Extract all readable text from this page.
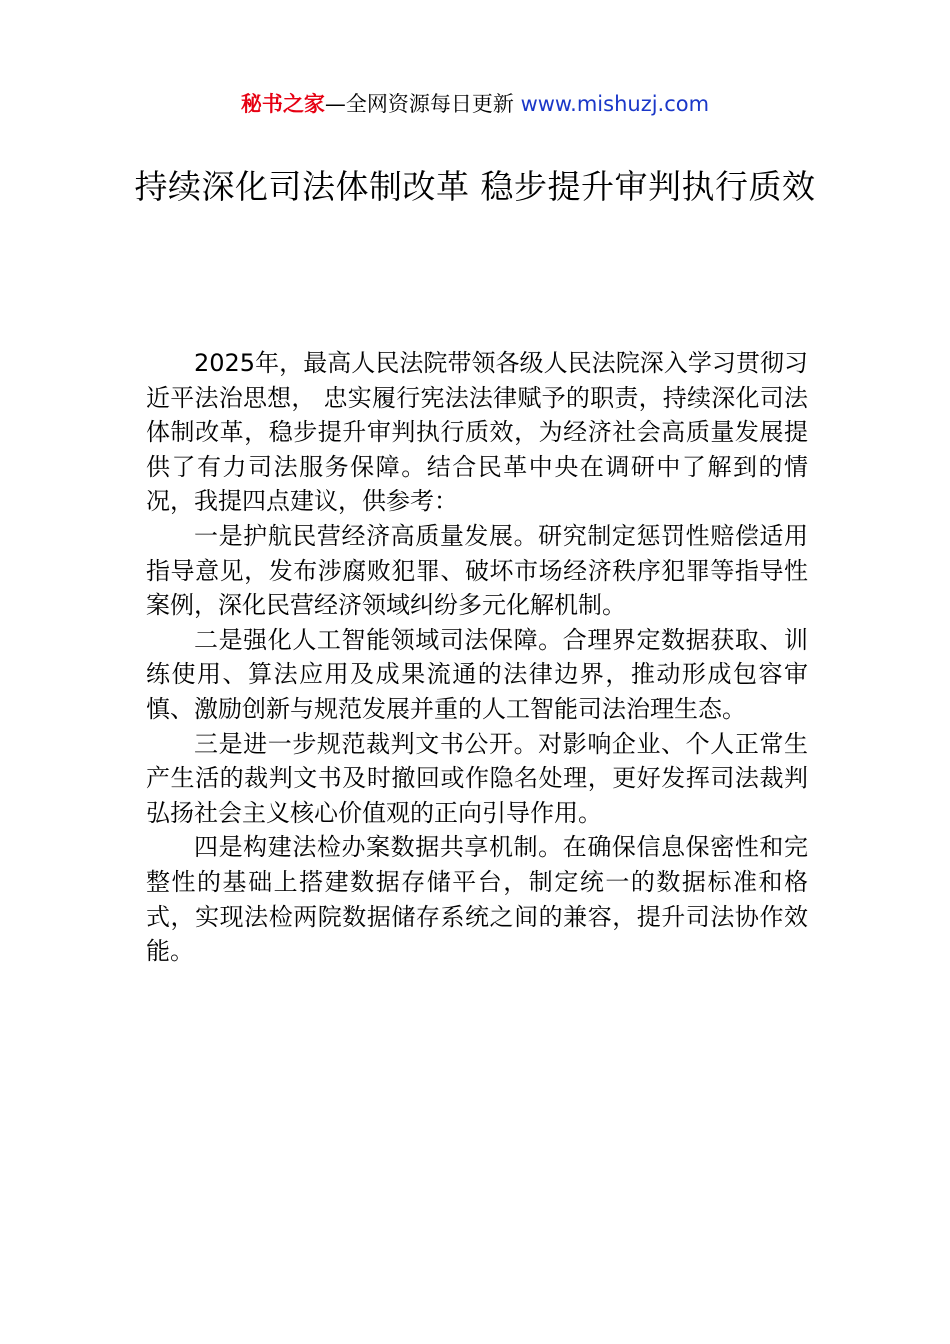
秘书之家—全网资源每日更新 www.mishuzj.com
持续深化司法体制改革 稳步提升审判执行质效

2025年，最高人民法院带领各级人民法院深入学习贯彻习近平法治思想， 忠实履行宪法法律赋予的职责，持续深化司法体制改革，稳步提升审判执行质效，为经济社会高质量发展提供了有力司法服务保障。结合民革中央在调研中了解到的情况，我提四点建议，供参考：

一是护航民营经济高质量发展。研究制定惩罚性赔偿适用指导意见，发布涉腐败犯罪、破坏市场经济秩序犯罪等指导性案例，深化民营经济领域纠纷多元化解机制。

二是强化人工智能领域司法保障。合理界定数据获取、训练使用、算法应用及成果流通的法律边界，推动形成包容审慎、激励创新与规范发展并重的人工智能司法治理生态。

三是进一步规范裁判文书公开。对影响企业、个人正常生产生活的裁判文书及时撤回或作隐名处理，更好发挥司法裁判弘扬社会主义核心价值观的正向引导作用。

四是构建法检办案数据共享机制。在确保信息保密性和完整性的基础上搭建数据存储平台，制定统一的数据标准和格式，实现法检两院数据储存系统之间的兼容，提升司法协作效能。
